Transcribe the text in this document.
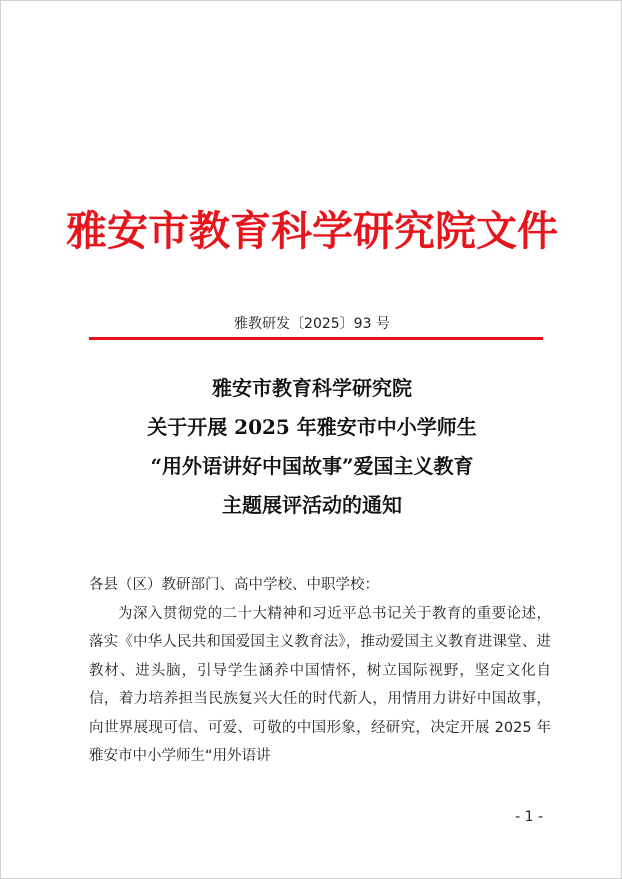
雅安市教育科学研究院文件
雅教研发〔2025〕93 号
雅安市教育科学研究院
关于开展 2025 年雅安市中小学师生
“用外语讲好中国故事”爱国主义教育
主题展评活动的通知

各县（区）教研部门、高中学校、中职学校：

为深入贯彻党的二十大精神和习近平总书记关于教育的重要论述，落实《中华人民共和国爱国主义教育法》，推动爱国主义教育进课堂、进教材、进头脑，引导学生涵养中国情怀，树立国际视野，坚定文化自信，着力培养担当民族复兴大任的时代新人，用情用力讲好中国故事，向世界展现可信、可爱、可敬的中国形象，经研究，决定开展 2025 年雅安市中小学师生“用外语讲

- 1 -
